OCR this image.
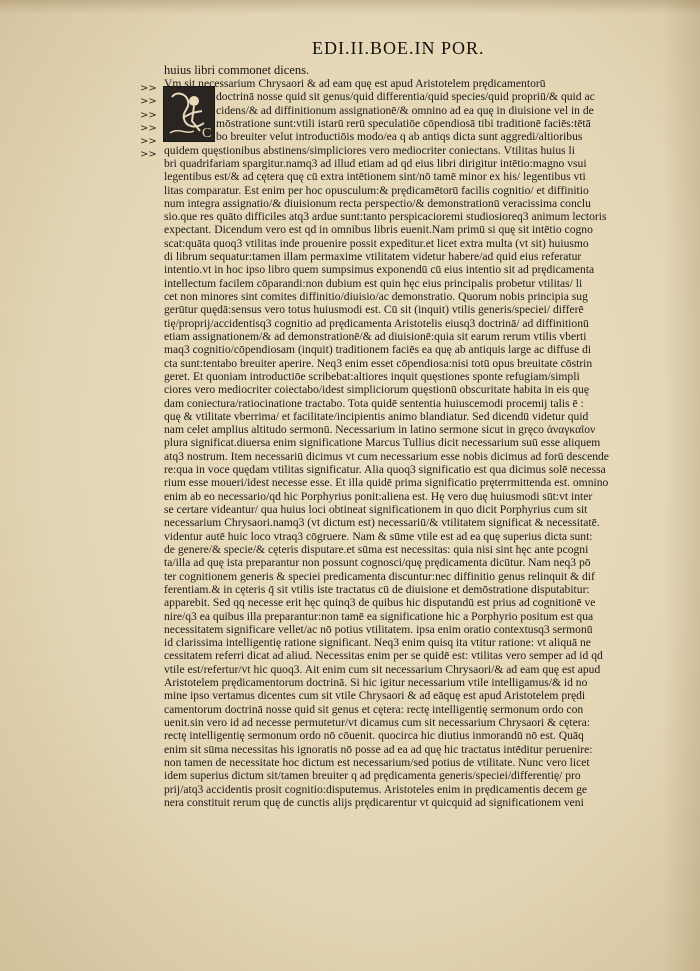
EDI.II.BOE.IN POR.
huius libri commonet dicens.
>>
>>
>>
>>
>>
>>
C
Vm sit necessarium Chrysaori & ad eam quę est apud Aristotelem prędicamentorū
doctrinā nosse quid sit genus/quid differentia/quid species/quid propriū/& quid ac
cidens/& ad diffinitionum assignationē/& omnino ad ea quę in diuisione vel in de
mōstratione sunt:vtili istarū rerū speculatiōe cōpendiosā tibi traditionē faciēs:tētā
bo breuiter velut introductiōis modo/ea q ab antiqs dicta sunt aggredi/altioribus
quidem quęstionibus abstinens/simpliciores vero mediocriter coniectans. Vtilitas huius li
bri quadrifariam spargitur.namq3 ad illud etiam ad qd eius libri dirigitur intētio:magno vsui
legentibus est/& ad cętera quę cū extra intētionem sint/nō tamē minor ex his/ legentibus vti
litas comparatur. Est enim per hoc opusculum:& prędicamētorū facilis cognitio/ et diffinitio
num integra assignatio/& diuisionum recta perspectio/& demonstrationū veracissima conclu
sio.que res quāto difficiles atq3 ardue sunt:tanto perspicacioremi studiosioreq3 animum lectoris
expectant. Dicendum vero est qd in omnibus libris euenit.Nam primū si quę sit intētio cogno
scat:quāta quoq3 vtilitas inde prouenire possit expeditur.et licet extra multa (vt sit) huiusmo
di librum sequatur:tamen illam permaxime vtilitatem videtur habere/ad quid eius referatur
intentio.vt in hoc ipso libro quem sumpsimus exponendū cū eius intentio sit ad prędicamenta
intellectum facilem cōparandi:non dubium est quin hęc eius principalis probetur vtilitas/ li
cet non minores sint comites diffinitio/diuisio/ac demonstratio. Quorum nobis principia sug
gerūtur quędā:sensus vero totus huiusmodi est. Cū sit (inquit) vtilis generis/speciei/ differē
tię/proprij/accidentisq3 cognitio ad prędicamenta Aristotelis eiusq3 doctrinā/ ad diffinitionū
etiam assignationem/& ad demonstrationē/& ad diuisionē:quia sit earum rerum vtilis vberti
maq3 cognitio/cōpendiosam (inquit) traditionem faciēs ea quę ab antiquis large ac diffuse di
cta sunt:tentabo breuiter aperire. Neq3 enim esset cōpendiosa:nisi totū opus breuitate cōstrin
geret. Et quoniam introductiōe scribebat:altiores inquit quęstiones sponte refugiam/simpli
ciores vero mediocriter coiectabo/idest simpliciorum quęstionū obscuritate habita in eis quę
dam coniectura/ratiocinatione tractabo. Tota quidē sententia huiuscemodi procemij talis ē :
quę & vtilitate vberrima/ et facilitate/incipientis animo blandiatur. Sed dicendū videtur quid
nam celet amplius altitudo sermonū. Necessarium in latino sermone sicut in gręco ἀναγκαῖον
plura significat.diuersa enim significatione Marcus Tullius dicit necessarium suū esse aliquem
atq3 nostrum. Item necessariū dicimus vt cum necessarium esse nobis dicimus ad forū descende
re:qua in voce quędam vtilitas significatur. Alia quoq3 significatio est qua dicimus solē necessa
rium esse moueri/idest necesse esse. Et illa quidē prima significatio pręterrmittenda est. omnino
enim ab eo necessario/qd hic Porphyrius ponit:aliena est. Hę vero duę huiusmodi sūt:vt inter
se certare videantur/ qua huius loci obtineat significationem in quo dicit Porphyrius cum sit
necessarium Chrysaori.namq3 (vt dictum est) necessariū/& vtilitatem significat & necessitatē.
videntur autē huic loco vtraq3 cōgruere. Nam & sūme vtile est ad ea quę superius dicta sunt:
de genere/& specie/& cęteris disputare.et sūma est necessitas: quia nisi sint hęc ante pcogni
ta/illa ad quę ista preparantur non possunt cognosci/quę prędicamenta dicūtur. Nam neq3 pō
ter cognitionem generis & speciei predicamenta discuntur:nec diffinitio genus relinquit & dif
ferentiam.& in cęteris q̄ sit vtilis iste tractatus cū de diuisione et demōstratione disputabitur:
apparebit. Sed qq necesse erit hęc quinq3 de quibus hic disputandū est prius ad cognitionē ve
nire/q3 ea quibus illa preparantur:non tamē ea significatione hic a Porphyrio positum est qua
necessitatem significare vellet/ac nō potius vtilitatem. ipsa enim oratio contextusq3 sermonū
id clarissima intelligentię ratione significant. Neq3 enim quisq ita vtitur ratione: vt aliquā ne
cessitatem referri dicat ad aliud. Necessitas enim per se quidē est: vtilitas vero semper ad id qd
vtile est/refertur/vt hic quoq3. Ait enim cum sit necessarium Chrysaori/& ad eam quę est apud
Aristotelem prędicamentorum doctrinā. Si hic igitur necessarium vtile intelligamus/& id no
mine ipso vertamus dicentes cum sit vtile Chrysaori & ad eāquę est apud Aristotelem prędi
camentorum doctrinā nosse quid sit genus et cętera: rectę intelligentię sermonum ordo con
uenit.sin vero id ad necesse permutetur/vt dicamus cum sit necessarium Chrysaori & cętera:
rectę intelligentię sermonum ordo nō cōuenit. quocirca hic diutius inmorandū nō est. Quāq
enim sit sūma necessitas his ignoratis nō posse ad ea ad quę hic tractatus intēditur peruenire:
non tamen de necessitate hoc dictum est necessarium/sed potius de vtilitate. Nunc vero licet
idem superius dictum sit/tamen breuiter q ad prędicamenta generis/speciei/differentię/ pro
prij/atq3 accidentis prosit cognitio:disputemus. Aristoteles enim in prędicamentis decem ge
nera constituit rerum quę de cunctis alijs prędicarentur vt quicquid ad significationem veni
